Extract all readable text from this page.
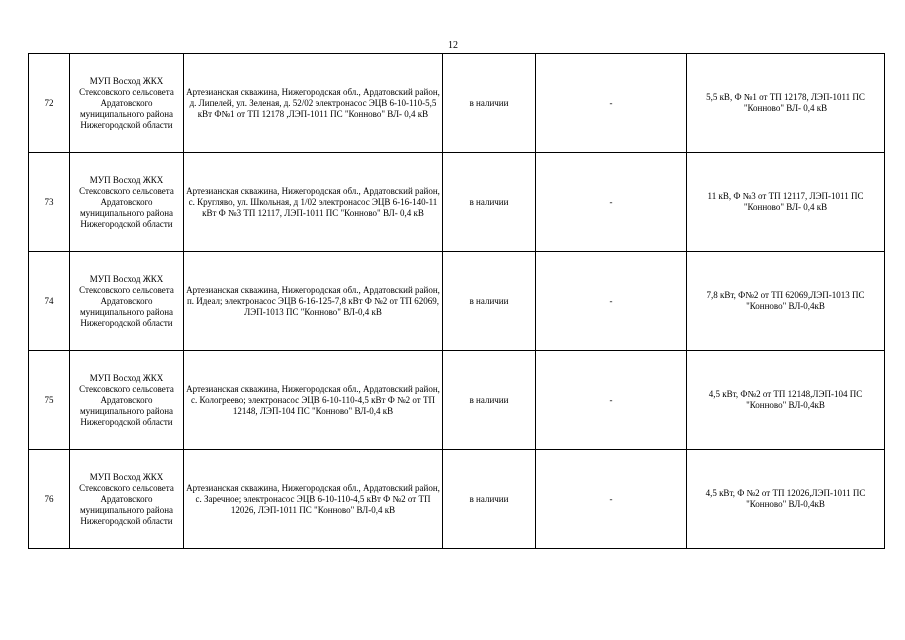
12
72	МУП Восход ЖКХ Стексовского сельсовета Ардатовского муниципального района Нижегородской области	Артезианская скважина, Нижегородская обл., Ардатовский район, д. Липелей, ул. Зеленая, д. 52/02 электронасос ЭЦВ 6-10-110-5,5 кВт Ф№1 от ТП 12178 ,ЛЭП-1011 ПС "Конново" ВЛ- 0,4 кВ	в наличии	-	5,5 кВ, Ф №1 от ТП 12178, ЛЭП-1011 ПС "Конново" ВЛ- 0,4 кВ
73	МУП Восход ЖКХ Стексовского сельсовета Ардатовского муниципального района Нижегородской области	Артезианская скважина, Нижегородская обл., Ардатовский район, с. Кругляво, ул. Школьная, д 1/02 электронасос ЭЦВ 6-16-140-11 кВт Ф №3 ТП 12117, ЛЭП-1011 ПС "Конново" ВЛ- 0,4 кВ	в наличии	-	11 кВ, Ф №3 от ТП 12117, ЛЭП-1011 ПС "Конново" ВЛ- 0,4 кВ
74	МУП Восход ЖКХ Стексовского сельсовета Ардатовского муниципального района Нижегородской области	Артезианская скважина, Нижегородская обл., Ардатовский район, п. Идеал; электронасос ЭЦВ 6-16-125-7,8 кВт Ф №2 от ТП 62069, ЛЭП-1013 ПС "Конново" ВЛ-0,4 кВ	в наличии	-	7,8 кВт, Ф№2 от ТП 62069,ЛЭП-1013 ПС "Конново" ВЛ-0,4кВ
75	МУП Восход ЖКХ Стексовского сельсовета Ардатовского муниципального района Нижегородской области	Артезианская скважина, Нижегородская обл., Ардатовский район, с. Кологреево; электронасос ЭЦВ 6-10-110-4,5 кВт Ф №2 от ТП 12148, ЛЭП-104 ПС "Конново" ВЛ-0,4 кВ	в наличии	-	4,5 кВт, Ф№2 от ТП 12148,ЛЭП-104 ПС "Конново" ВЛ-0,4кВ
76	МУП Восход ЖКХ Стексовского сельсовета Ардатовского муниципального района Нижегородской области	Артезианская скважина, Нижегородская обл., Ардатовский район, с. Заречное; электронасос ЭЦВ 6-10-110-4,5 кВт Ф №2 от ТП 12026, ЛЭП-1011 ПС "Конново" ВЛ-0,4 кВ	в наличии	-	4,5 кВт, Ф №2 от ТП 12026,ЛЭП-1011 ПС "Конново" ВЛ-0,4кВ
